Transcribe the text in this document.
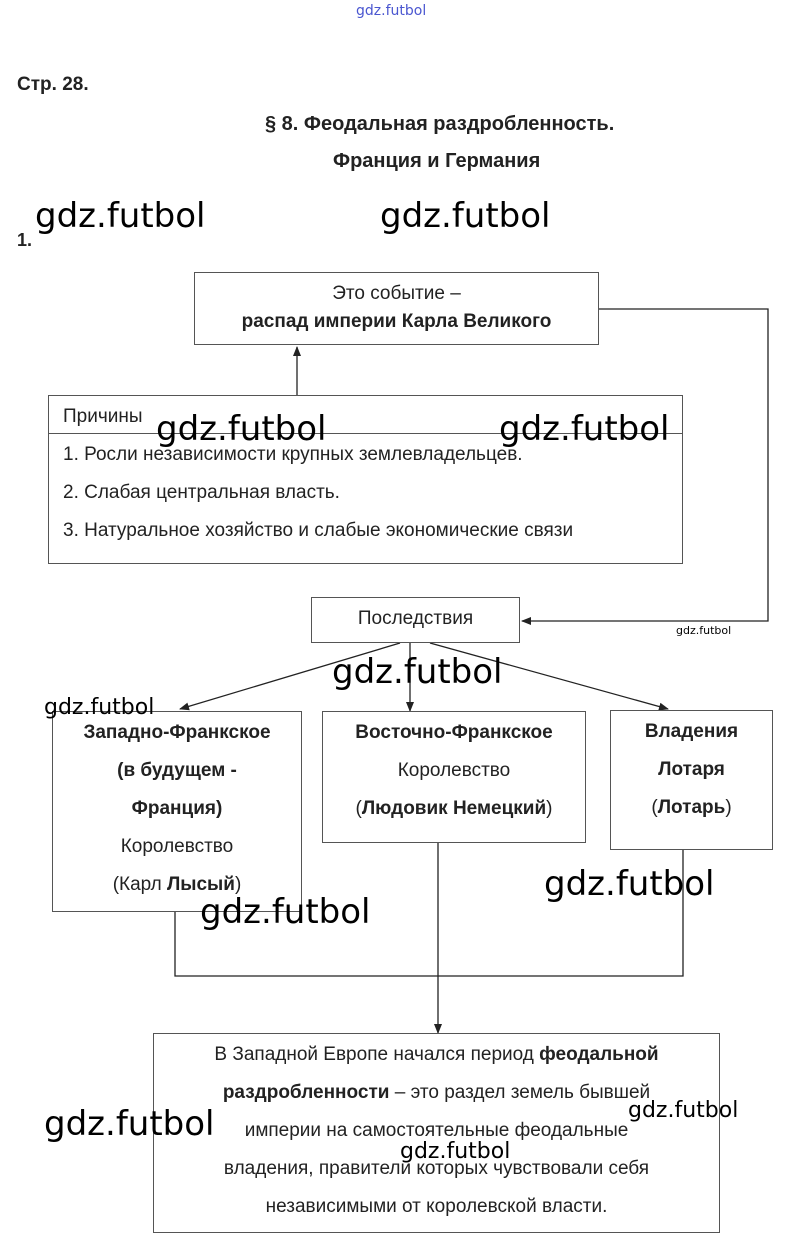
gdz.futbol
Стр. 28.
§ 8. Феодальная раздробленность.
Франция и Германия
1.
Это событие –
распад империи Карла Великого
Причины
1. Росли независимости крупных землевладельцев.
2. Слабая центральная власть.
3. Натуральное хозяйство и слабые экономические связи
Последствия
Западно-Франкское
(в будущем -
Франция)
Королевство
(Карл Лысый)
Восточно-Франкское
Королевство
(Людовик Немецкий)
Владения
Лотаря
(Лотарь)
В Западной Европе начался период феодальной
раздробленности – это раздел земель бывшей
империи на самостоятельные феодальные
владения, правители которых чувствовали себя
независимыми от королевской власти.
gdz.futbol	gdz.futbol
gdz.futbol	gdz.futbol
gdz.futbol
gdz.futbol
gdz.futbol
gdz.futbol
gdz.futbol
gdz.futbol	gdz.futbol
gdz.futbol
